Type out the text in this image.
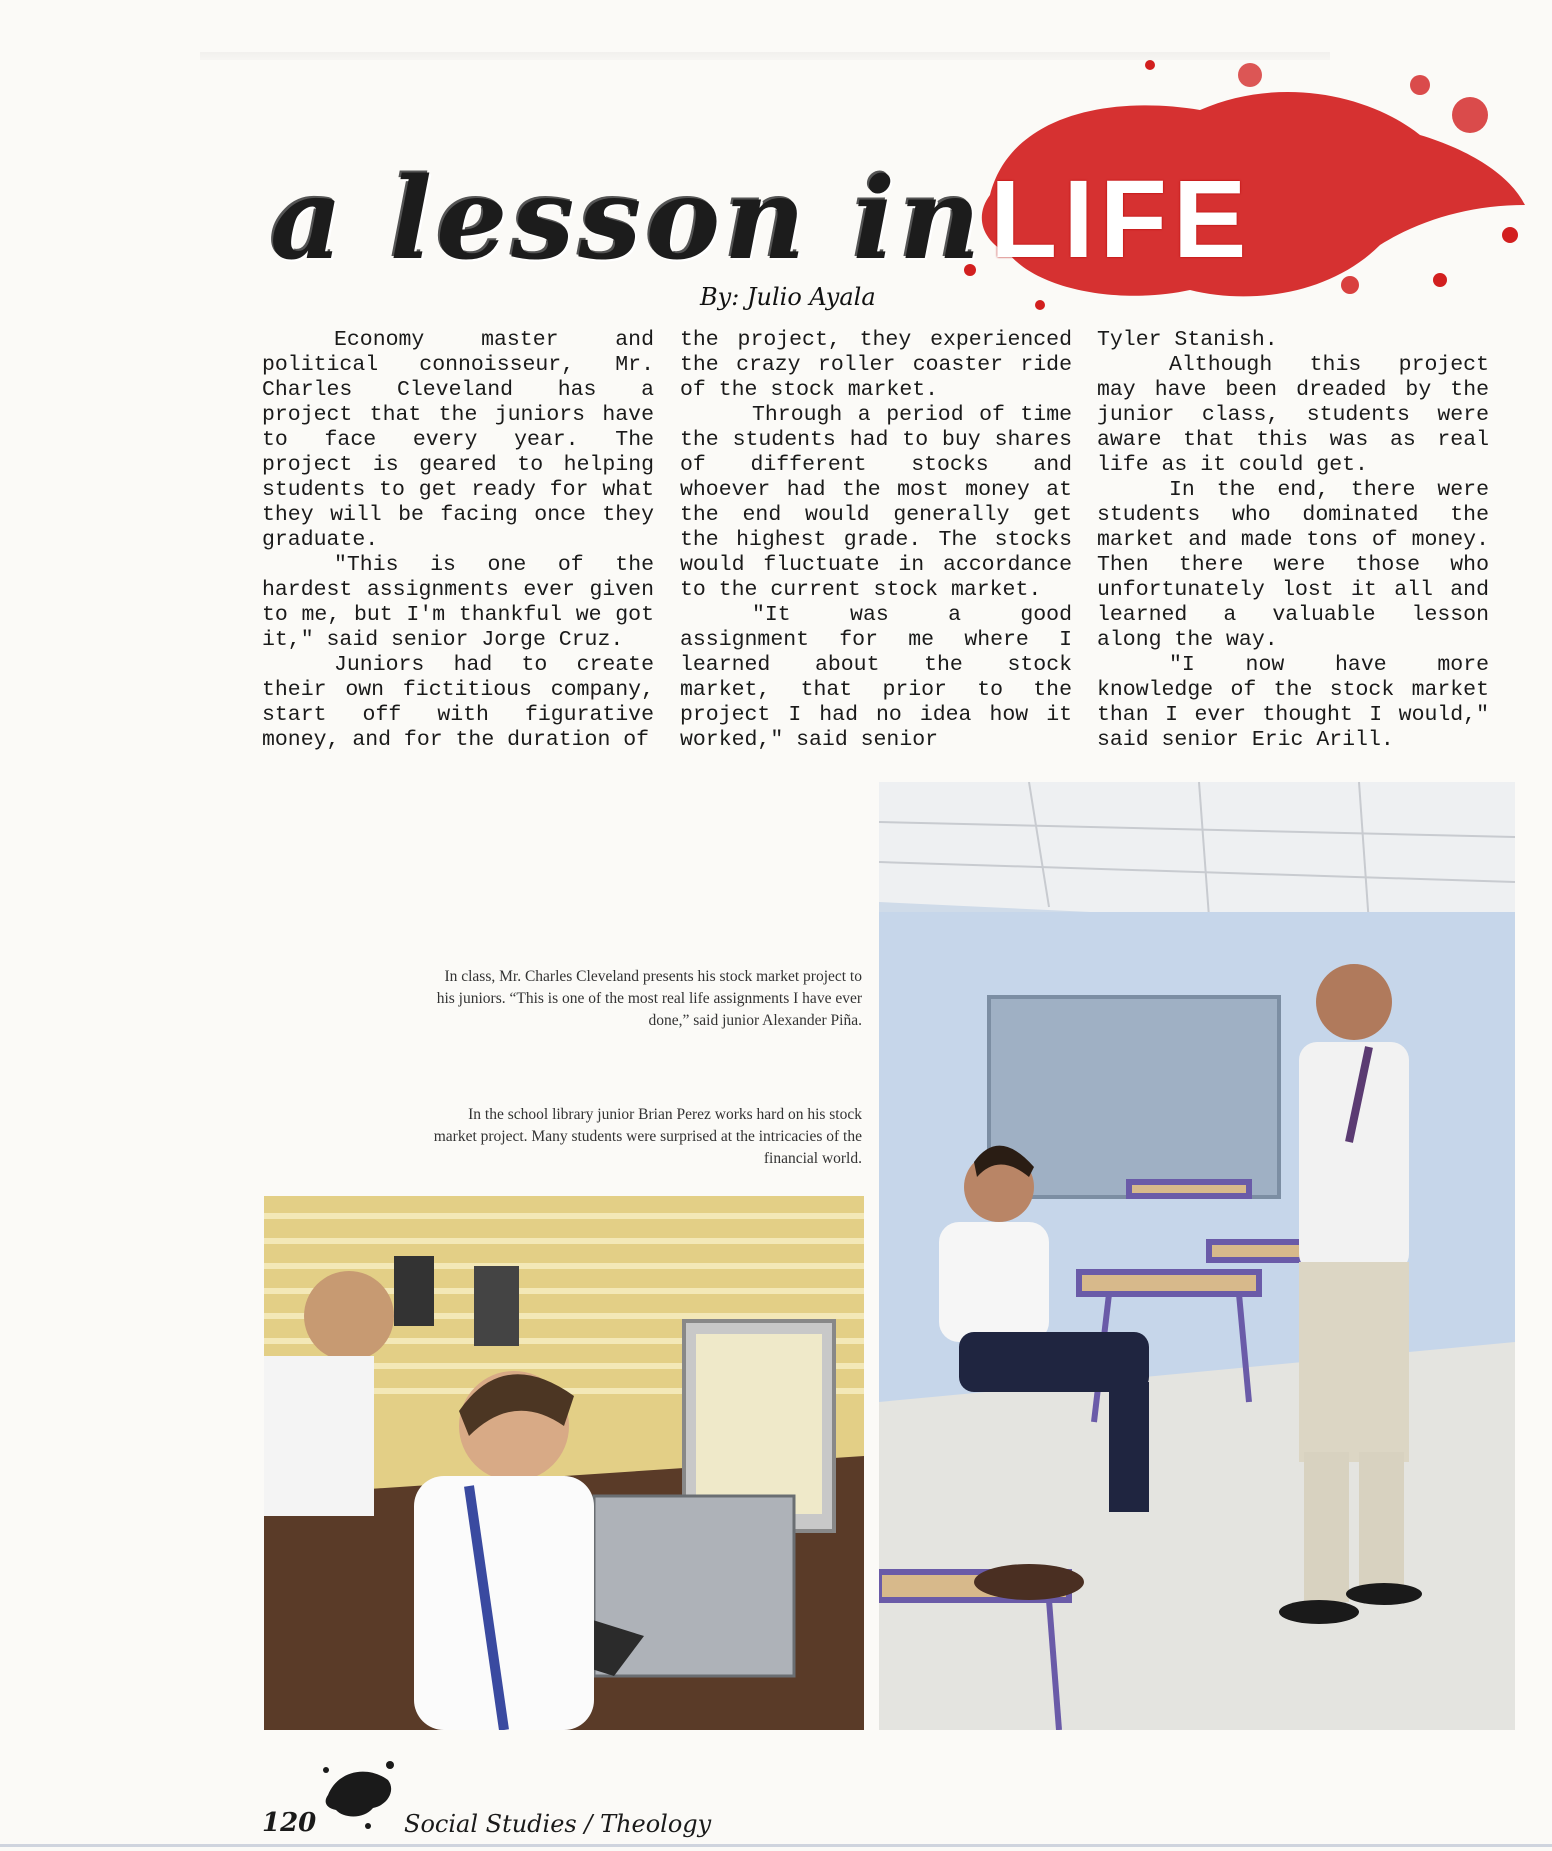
a lesson in LIFE
By: Julio Ayala

Economy master and political connoisseur, Mr. Charles Cleveland has a project that the juniors have to face every year. The project is geared to helping students to get ready for what they will be facing once they graduate.

"This is one of the hardest assignments ever given to me, but I'm thankful we got it," said senior Jorge Cruz.

Juniors had to create their own fictitious company, start off with figurative money, and for the duration of

the project, they experienced the crazy roller coaster ride of the stock market.

Through a period of time the students had to buy shares of different stocks and whoever had the most money at the end would generally get the highest grade. The stocks would fluctuate in accordance to the current stock market.

"It was a good assignment for me where I learned about the stock market, that prior to the project I had no idea how it worked," said senior

Tyler Stanish.

Although this project may have been dreaded by the junior class, students were aware that this was as real life as it could get.

In the end, there were students who dominated the market and made tons of money. Then there were those who unfortunately lost it all and learned a valuable lesson along the way.

"I now have more knowledge of the stock market than I ever thought I would," said senior Eric Arill.

In class, Mr. Charles Cleveland presents his stock market project to his juniors. “This is one of the most real life assignments I have ever done,” said junior Alexander Piña.
In the school library junior Brian Perez works hard on his stock market project. Many students were surprised at the intricacies of the financial world.
120	Social Studies / Theology
